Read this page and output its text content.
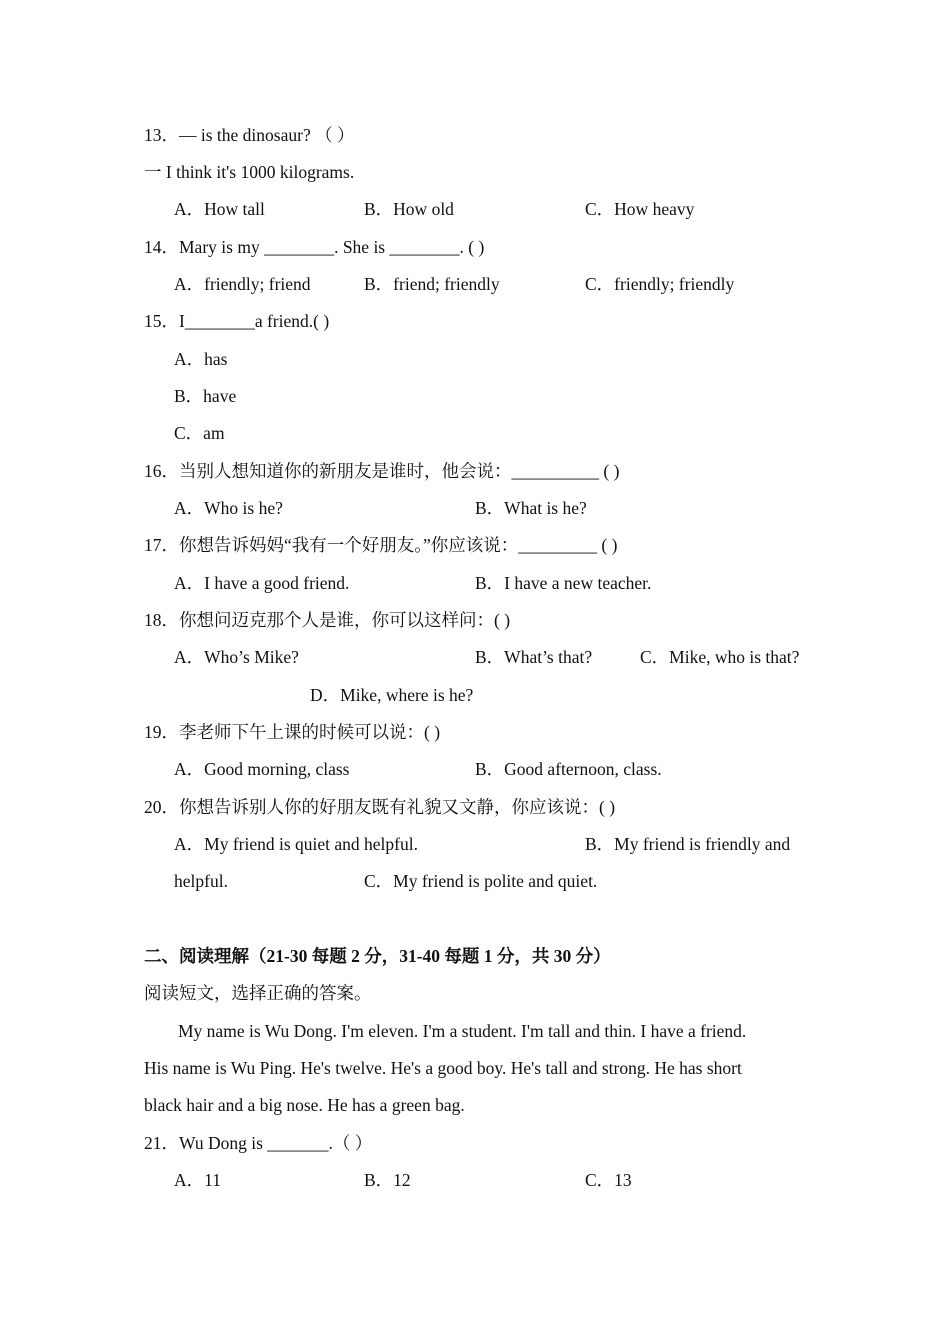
13．— is the dinosaur? （ ）
一 I think it's 1000 kilograms.
A．How tall	B．How old	C．How heavy
14．Mary is my ________. She is ________. ( )
A．friendly; friend	B．friend; friendly	C．friendly; friendly
15．I________a friend.( )
A．has
B．have
C．am
16．当别人想知道你的新朋友是谁时，他会说：__________ ( )
A．Who is he?	B．What is he?
17．你想告诉妈妈“我有一个好朋友。”你应该说：_________ ( )
A．I have a good friend.	B．I have a new teacher.
18．你想问迈克那个人是谁，你可以这样问：( )
A．Who’s Mike?	B．What’s that?	C．Mike, who is that?
D．Mike, where is he?
19．李老师下午上课的时候可以说：( )
A．Good morning, class	B．Good afternoon, class.
20．你想告诉别人你的好朋友既有礼貌又文静，你应该说：( )
A．My friend is quiet and helpful.	B．My friend is friendly and
helpful.	C．My friend is polite and quiet.
二、阅读理解（21-30 每题 2 分，31-40 每题 1 分，共 30 分）
阅读短文，选择正确的答案。
My name is Wu Dong. I'm eleven. I'm a student. I'm tall and thin. I have a friend.
His name is Wu Ping. He's twelve. He's a good boy. He's tall and strong. He has short
black hair and a big nose. He has a green bag.
21．Wu Dong is _______.（ ）
A．11	B．12	C．13
